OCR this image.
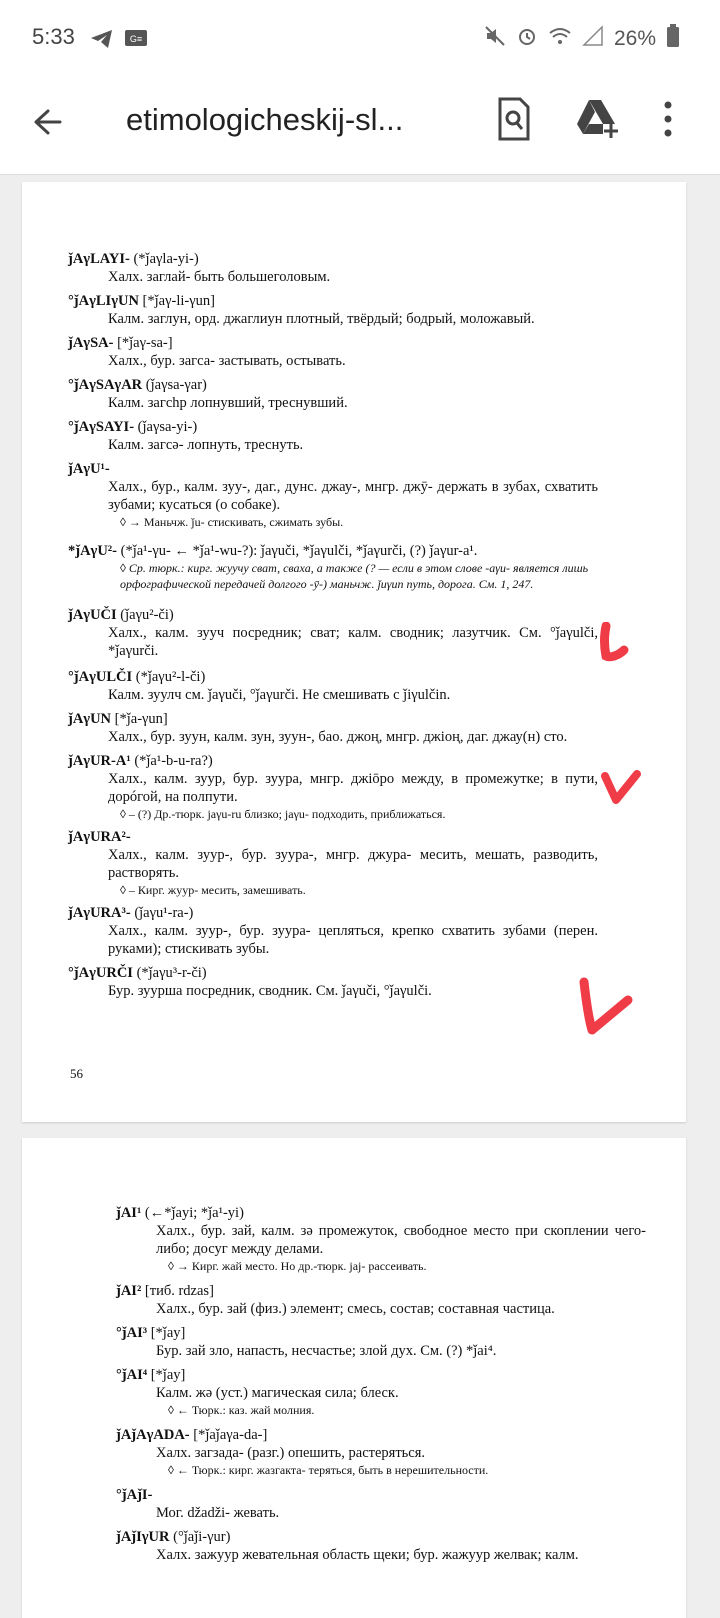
5:33	G≡	26%
etimologicheskij-sl...
ǰAγLAYI- (*ǰaγla-yi-)
Халх. заглай- быть большеголовым.
°ǰAγLIγUN [*ǰaγ-li-γun]
Калм. заглун, орд. джаглиун плотный, твёрдый; бодрый, моложавый.
ǰAγSA- [*ǰaγ-sa-]
Халх., бур. загса- застывать, остывать.
°ǰAγSAγAR (ǰaγsa-γar)
Калм. загchр лопнувший, треснувший.
°ǰAγSAYI- (ǰaγsa-yi-)
Калм. загсә- лопнуть, треснуть.
ǰAγU¹-
Халх., бур., калм. зуу-, даг., дунс. джау-, мнгр. джӯ- держать в зубах, схватить зубами; кусаться (о собаке).
◊ → Маньчж. ǰu- стискивать, сжимать зубы.
*ǰAγU²- (*ǰa¹-γu- ← *ǰa¹-wu-?): ǰaγuči, *ǰaγulči, *ǰaγurči, (?) ǰaγur-a¹.
◊ Ср. тюрк.: кирг. жуучу сват, сваха, а также (? — если в этом слове -aγu- является лишь орфографической передачей долгого -ӯ-) маньчж. ǰuγun путь, дорога. См. 1, 247.
ǰAγUČI (ǰaγu²-či)
Халх., калм. зууч посредник; сват; калм. сводник; лазутчик. См. °ǰaγulči, *ǰaγurči.
°ǰAγULČI (*ǰaγu²-l-či)
Калм. зуулч см. ǰaγuči, °ǰaγurči. Не смешивать с ǰiγulčin.
ǰAγUN [*ǰa-γun]
Халх., бур. зуун, калм. зун, зуун-, бао. джоң, мнгр. джіоң, даг. джау(н) сто.
ǰAγUR-A¹ (*ǰa¹-b-u-ra?)
Халх., калм. зуур, бур. зуура, мнгр. джіōро между, в промежутке; в пути, дорóгой, на полпути.
◊ – (?) Др.-тюрк. jaγu-ru близко; jaγu- подходить, приближаться.
ǰAγURA²-
Халх., калм. зуур-, бур. зуура-, мнгр. джура- месить, мешать, разводить, растворять.
◊ – Кирг. жуур- месить, замешивать.
ǰAγURA³- (ǰaγu¹-ra-)
Халх., калм. зуур-, бур. зуура- цепляться, крепко схватить зубами (перен. руками); стискивать зубы.
°ǰAγURČI (*ǰaγu³-r-či)
Бур. зууршa посредник, сводник. См. ǰaγuči, °ǰaγulči.
56
ǰAI¹ (←*ǰayi; *ǰa¹-yi)
Халх., бур. зай, калм. зә промежуток, свободное место при скоплении чего-либо; досуг между делами.
◊ → Кирг. жай место. Но др.-тюрк. jaj- рассеивать.
ǰAI² [тиб. rdzas]
Халх., бур. зай (физ.) элемент; смесь, состав; составная частица.
°ǰAI³ [*ǰay]
Бур. зай зло, напасть, несчастье; злой дух. См. (?) *ǰai⁴.
°ǰAI⁴ [*ǰay]
Калм. жә (уст.) магическая сила; блеск.
◊ ← Тюрк.: каз. жай молния.
ǰAǰAγADA- [*ǰaǰaγa-da-]
Халх. загзада- (разг.) опешить, растеряться.
◊ ← Тюрк.: кирг. жазгакта- теряться, быть в нерешительности.
°ǰAǰI-
Мог. džadži- жевать.
ǰAǰIγUR (°ǰaǰi-γur)
Халх. зажуур жевательная область щеки; бур. жажуур желвак; калм.
